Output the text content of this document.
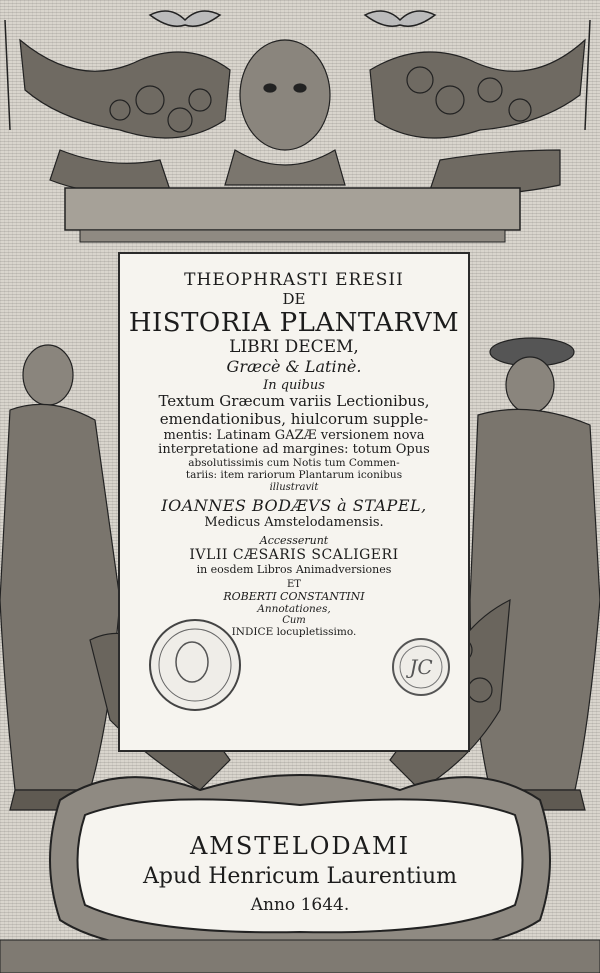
JC
THEOPHRASTI ERESII
DE
HISTORIA PLANTARVM
LIBRI DECEM,
Græcè & Latinè.
In quibus
Textum Græcum variis Lectionibus,
emendationibus, hiulcorum supple-
mentis: Latinam GAZÆ versionem nova
interpretatione ad margines: totum Opus
absolutissimis cum Notis tum Commen-
tariis: item rariorum Plantarum iconibus
illustravit
IOANNES BODÆVS à STAPEL,
Medicus Amstelodamensis.
Accesserunt
IVLII CÆSARIS SCALIGERI
in eosdem Libros Animadversiones
ET
ROBERTI CONSTANTINI
Annotationes,
Cum
INDICE locupletissimo.
AMSTELODAMI
Apud Henricum Laurentium
Anno 1644.
